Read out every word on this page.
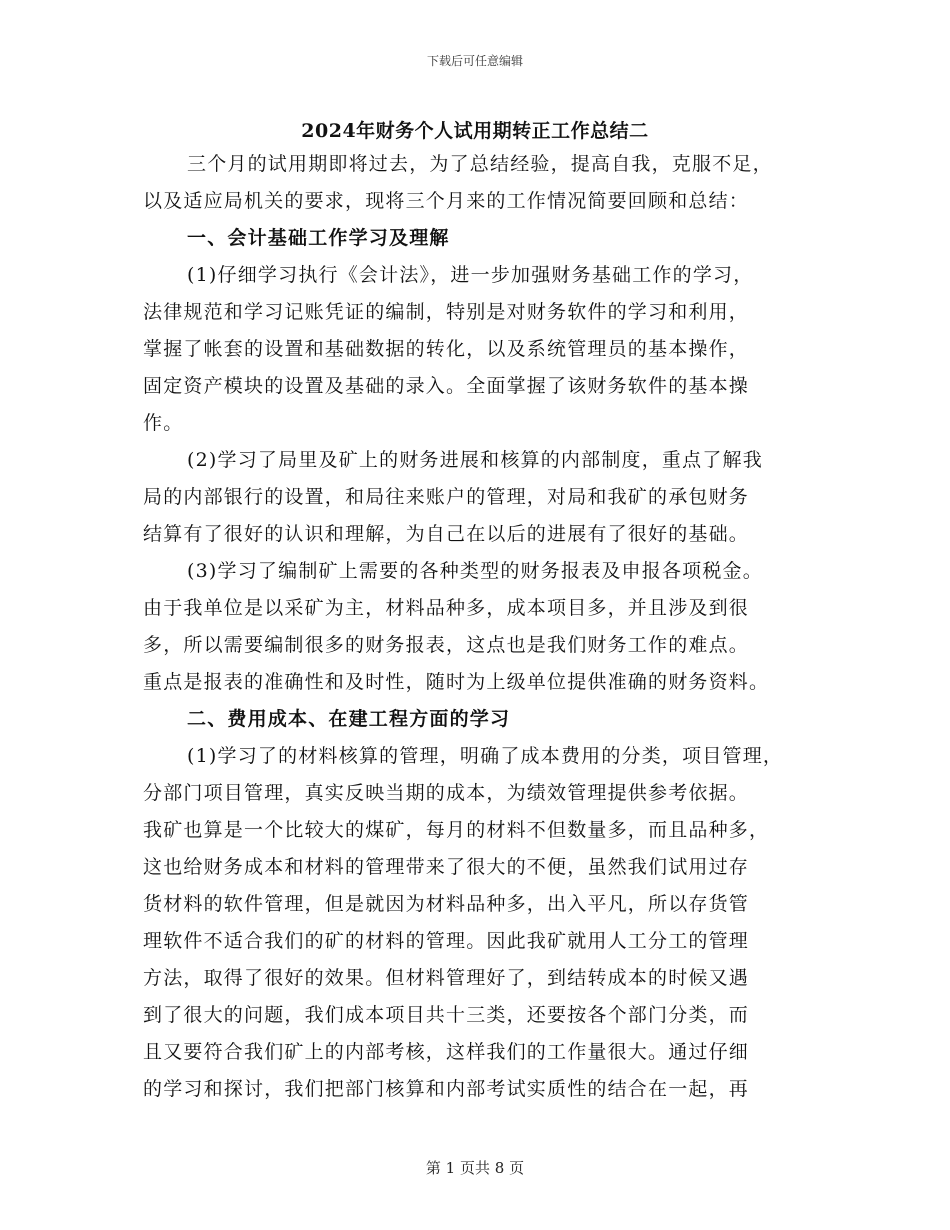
下载后可任意编辑
2024年财务个人试用期转正工作总结二
三个月的试用期即将过去，为了总结经验，提高自我，克服不足，
以及适应局机关的要求，现将三个月来的工作情况简要回顾和总结：
一、会计基础工作学习及理解
(1)仔细学习执行《会计法》，进一步加强财务基础工作的学习，
法律规范和学习记账凭证的编制，特别是对财务软件的学习和利用，
掌握了帐套的设置和基础数据的转化，以及系统管理员的基本操作，
固定资产模块的设置及基础的录入。全面掌握了该财务软件的基本操
作。
(2)学习了局里及矿上的财务进展和核算的内部制度，重点了解我
局的内部银行的设置，和局往来账户的管理，对局和我矿的承包财务
结算有了很好的认识和理解，为自己在以后的进展有了很好的基础。
(3)学习了编制矿上需要的各种类型的财务报表及申报各项税金。
由于我单位是以采矿为主，材料品种多，成本项目多，并且涉及到很
多，所以需要编制很多的财务报表，这点也是我们财务工作的难点。
重点是报表的准确性和及时性，随时为上级单位提供准确的财务资料。
二、费用成本、在建工程方面的学习
(1)学习了的材料核算的管理，明确了成本费用的分类，项目管理，
分部门项目管理，真实反映当期的成本，为绩效管理提供参考依据。
我矿也算是一个比较大的煤矿，每月的材料不但数量多，而且品种多，
这也给财务成本和材料的管理带来了很大的不便，虽然我们试用过存
货材料的软件管理，但是就因为材料品种多，出入平凡，所以存货管
理软件不适合我们的矿的材料的管理。因此我矿就用人工分工的管理
方法，取得了很好的效果。但材料管理好了，到结转成本的时候又遇
到了很大的问题，我们成本项目共十三类，还要按各个部门分类，而
且又要符合我们矿上的内部考核，这样我们的工作量很大。通过仔细
的学习和探讨，我们把部门核算和内部考试实质性的结合在一起，再
第 1 页共 8 页
